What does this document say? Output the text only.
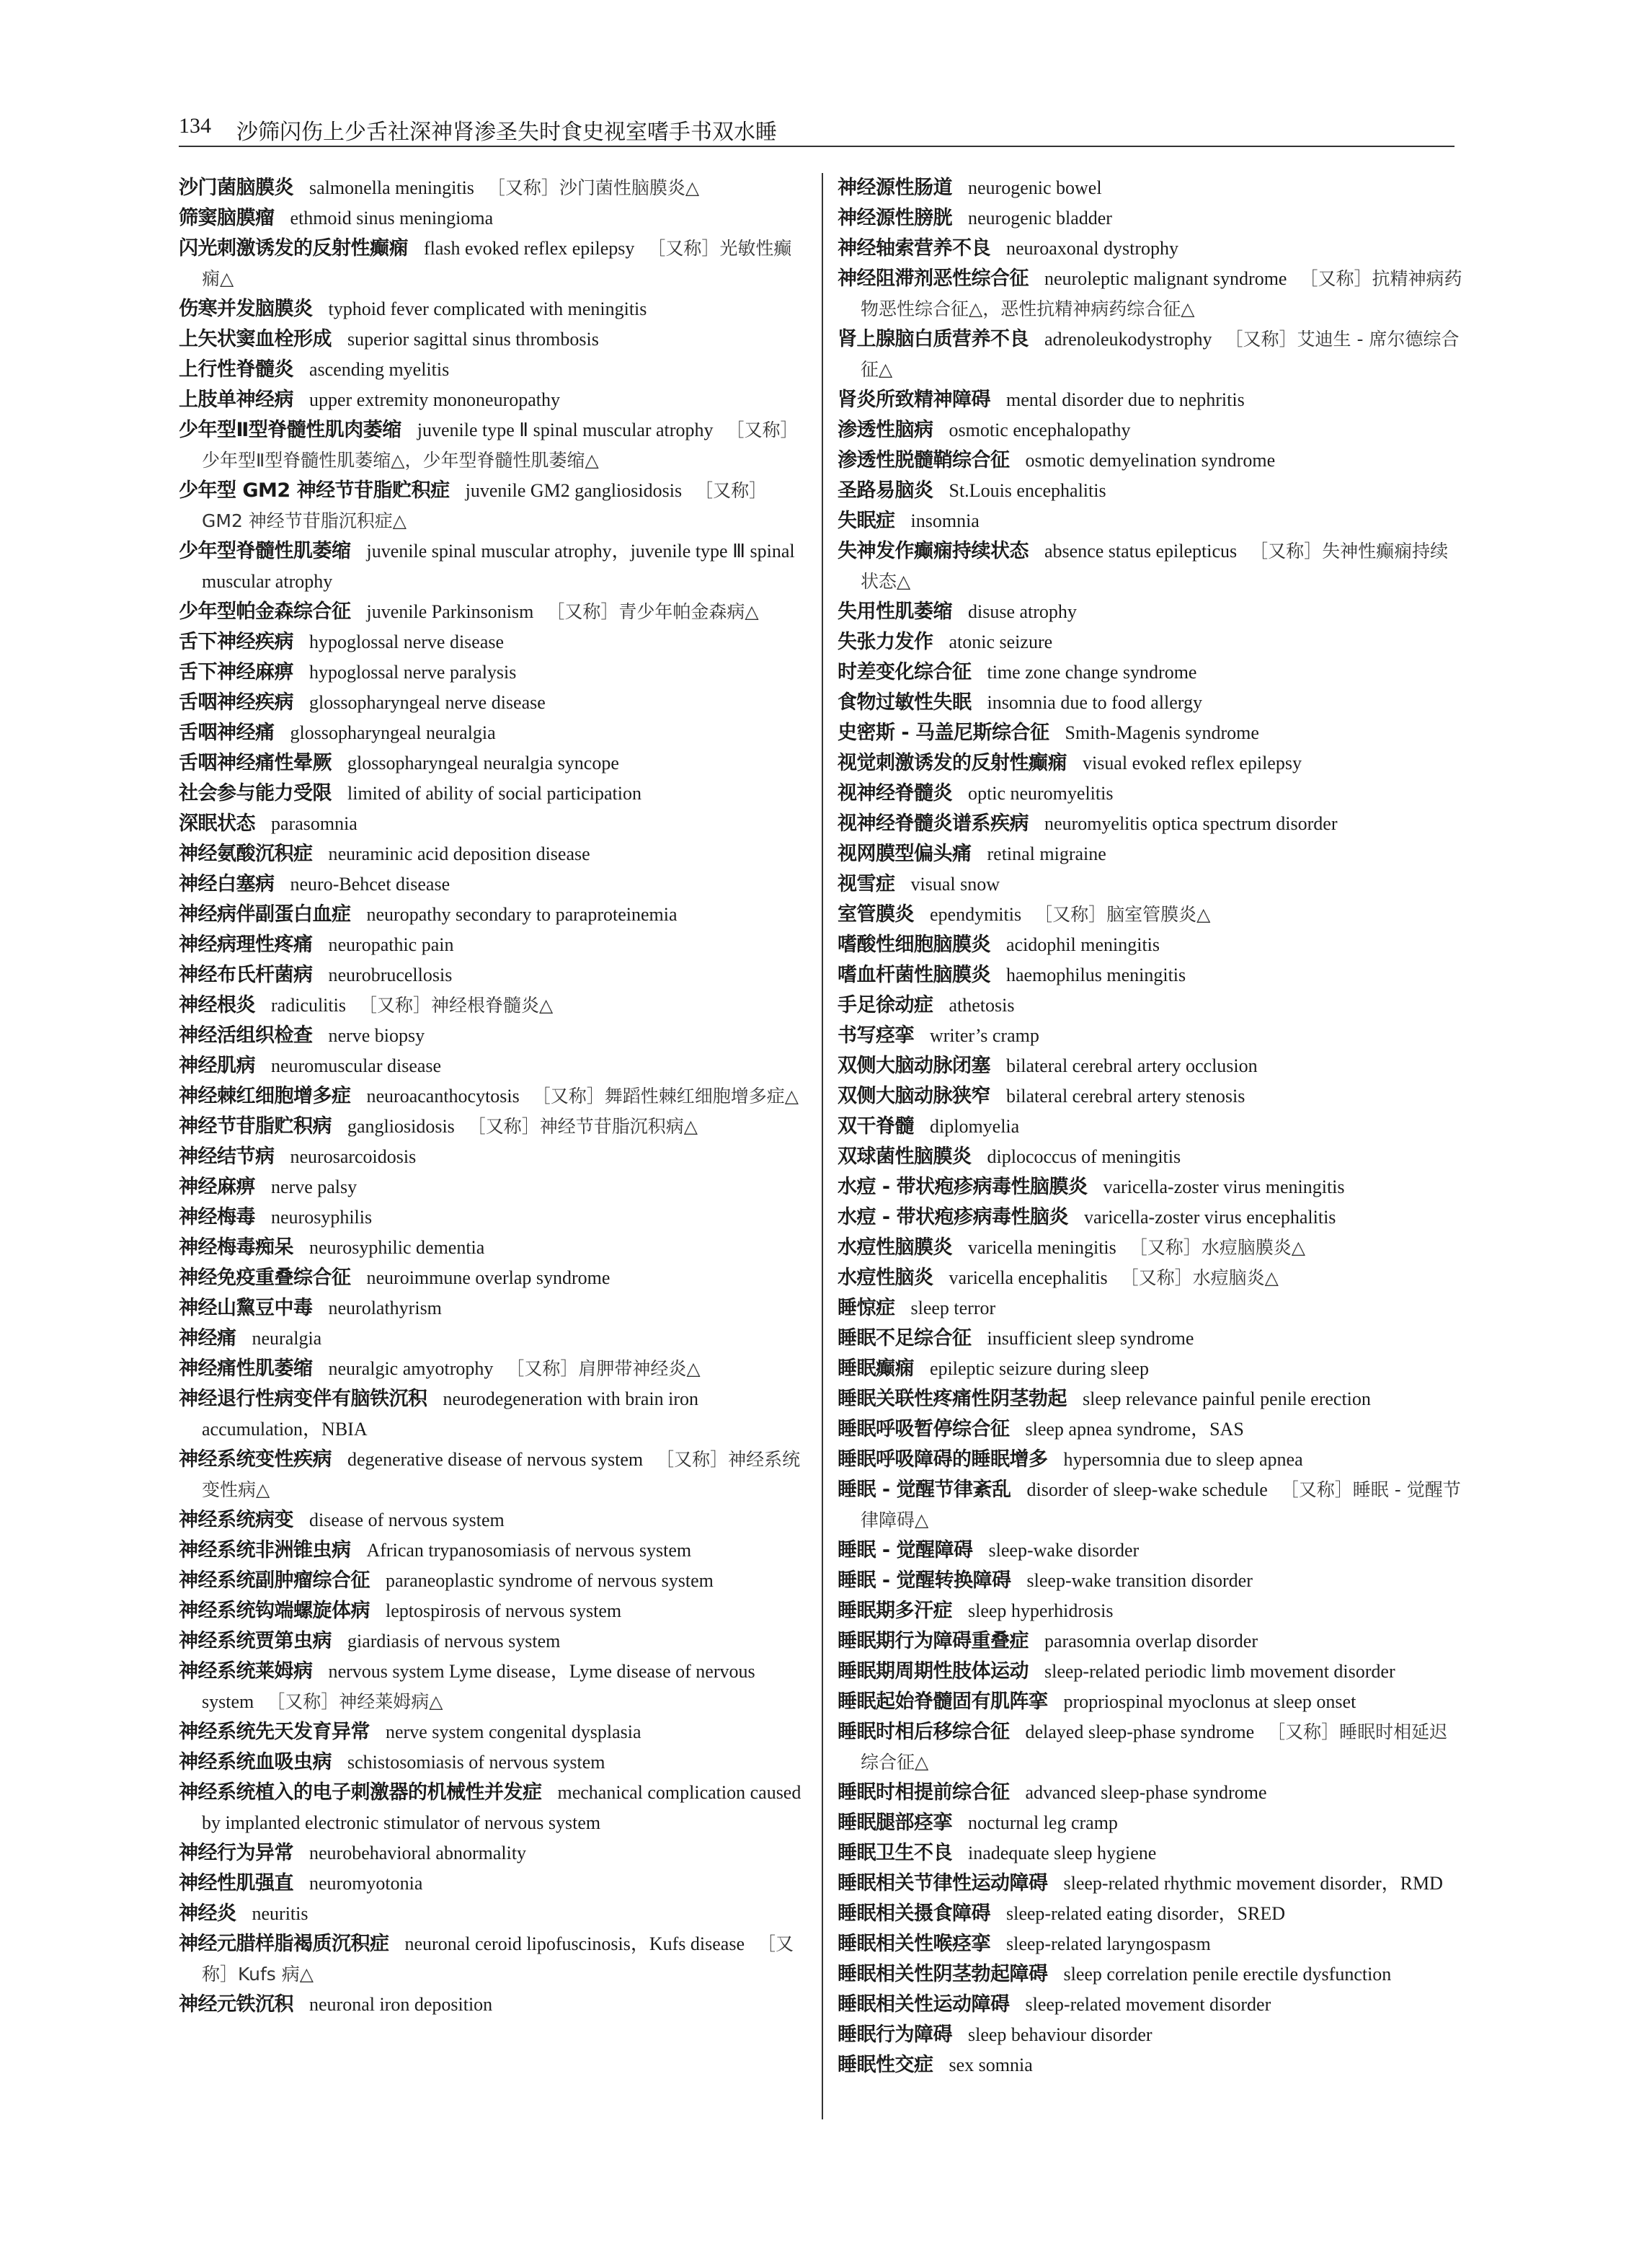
134 沙筛闪伤上少舌社深神肾渗圣失时食史视室嗜手书双水睡

沙门菌脑膜炎 salmonella meningitis ［又称］沙门菌性脑膜炎△

筛窦脑膜瘤 ethmoid sinus meningioma

闪光刺激诱发的反射性癫痫 flash evoked reflex epilepsy ［又称］光敏性癫痫△

伤寒并发脑膜炎 typhoid fever complicated with meningitis

上矢状窦血栓形成 superior sagittal sinus thrombosis

上行性脊髓炎 ascending myelitis

上肢单神经病 upper extremity mononeuropathy

少年型Ⅱ型脊髓性肌肉萎缩 juvenile type Ⅱ spinal muscular atrophy ［又称］少年型Ⅱ型脊髓性肌萎缩△，少年型脊髓性肌萎缩△

少年型 GM2 神经节苷脂贮积症 juvenile GM2 gangliosidosis ［又称］GM2 神经节苷脂沉积症△

少年型脊髓性肌萎缩 juvenile spinal muscular atrophy，juvenile type Ⅲ spinal muscular atrophy

少年型帕金森综合征 juvenile Parkinsonism ［又称］青少年帕金森病△

舌下神经疾病 hypoglossal nerve disease

舌下神经麻痹 hypoglossal nerve paralysis

舌咽神经疾病 glossopharyngeal nerve disease

舌咽神经痛 glossopharyngeal neuralgia

舌咽神经痛性晕厥 glossopharyngeal neuralgia syncope

社会参与能力受限 limited of ability of social participation

深眠状态 parasomnia

神经氨酸沉积症 neuraminic acid deposition disease

神经白塞病 neuro-Behcet disease

神经病伴副蛋白血症 neuropathy secondary to paraproteinemia

神经病理性疼痛 neuropathic pain

神经布氏杆菌病 neurobrucellosis

神经根炎 radiculitis ［又称］神经根脊髓炎△

神经活组织检查 nerve biopsy

神经肌病 neuromuscular disease

神经棘红细胞增多症 neuroacanthocytosis ［又称］舞蹈性棘红细胞增多症△

神经节苷脂贮积病 gangliosidosis ［又称］神经节苷脂沉积病△

神经结节病 neurosarcoidosis

神经麻痹 nerve palsy

神经梅毒 neurosyphilis

神经梅毒痴呆 neurosyphilic dementia

神经免疫重叠综合征 neuroimmune overlap syndrome

神经山黧豆中毒 neurolathyrism

神经痛 neuralgia

神经痛性肌萎缩 neuralgic amyotrophy ［又称］肩胛带神经炎△

神经退行性病变伴有脑铁沉积 neurodegeneration with brain iron accumulation，NBIA

神经系统变性疾病 degenerative disease of nervous system ［又称］神经系统变性病△

神经系统病变 disease of nervous system

神经系统非洲锥虫病 African trypanosomiasis of nervous system

神经系统副肿瘤综合征 paraneoplastic syndrome of nervous system

神经系统钩端螺旋体病 leptospirosis of nervous system

神经系统贾第虫病 giardiasis of nervous system

神经系统莱姆病 nervous system Lyme disease，Lyme disease of nervous system ［又称］神经莱姆病△

神经系统先天发育异常 nerve system congenital dysplasia

神经系统血吸虫病 schistosomiasis of nervous system

神经系统植入的电子刺激器的机械性并发症 mechanical complication caused by implanted electronic stimulator of nervous system

神经行为异常 neurobehavioral abnormality

神经性肌强直 neuromyotonia

神经炎 neuritis

神经元腊样脂褐质沉积症 neuronal ceroid lipofuscinosis，Kufs disease ［又称］Kufs 病△

神经元铁沉积 neuronal iron deposition

神经源性肠道 neurogenic bowel

神经源性膀胱 neurogenic bladder

神经轴索营养不良 neuroaxonal dystrophy

神经阻滞剂恶性综合征 neuroleptic malignant syndrome ［又称］抗精神病药物恶性综合征△，恶性抗精神病药综合征△

肾上腺脑白质营养不良 adrenoleukodystrophy ［又称］艾迪生 - 席尔德综合征△

肾炎所致精神障碍 mental disorder due to nephritis

渗透性脑病 osmotic encephalopathy

渗透性脱髓鞘综合征 osmotic demyelination syndrome

圣路易脑炎 St.Louis encephalitis

失眠症 insomnia

失神发作癫痫持续状态 absence status epilepticus ［又称］失神性癫痫持续状态△

失用性肌萎缩 disuse atrophy

失张力发作 atonic seizure

时差变化综合征 time zone change syndrome

食物过敏性失眠 insomnia due to food allergy

史密斯 - 马盖尼斯综合征 Smith-Magenis syndrome

视觉刺激诱发的反射性癫痫 visual evoked reflex epilepsy

视神经脊髓炎 optic neuromyelitis

视神经脊髓炎谱系疾病 neuromyelitis optica spectrum disorder

视网膜型偏头痛 retinal migraine

视雪症 visual snow

室管膜炎 ependymitis ［又称］脑室管膜炎△

嗜酸性细胞脑膜炎 acidophil meningitis

嗜血杆菌性脑膜炎 haemophilus meningitis

手足徐动症 athetosis

书写痉挛 writer’s cramp

双侧大脑动脉闭塞 bilateral cerebral artery occlusion

双侧大脑动脉狭窄 bilateral cerebral artery stenosis

双干脊髓 diplomyelia

双球菌性脑膜炎 diplococcus of meningitis

水痘 - 带状疱疹病毒性脑膜炎 varicella-zoster virus meningitis

水痘 - 带状疱疹病毒性脑炎 varicella-zoster virus encephalitis

水痘性脑膜炎 varicella meningitis ［又称］水痘脑膜炎△

水痘性脑炎 varicella encephalitis ［又称］水痘脑炎△

睡惊症 sleep terror

睡眠不足综合征 insufficient sleep syndrome

睡眠癫痫 epileptic seizure during sleep

睡眠关联性疼痛性阴茎勃起 sleep relevance painful penile erection

睡眠呼吸暂停综合征 sleep apnea syndrome，SAS

睡眠呼吸障碍的睡眠增多 hypersomnia due to sleep apnea

睡眠 - 觉醒节律紊乱 disorder of sleep-wake schedule ［又称］睡眠 - 觉醒节律障碍△

睡眠 - 觉醒障碍 sleep-wake disorder

睡眠 - 觉醒转换障碍 sleep-wake transition disorder

睡眠期多汗症 sleep hyperhidrosis

睡眠期行为障碍重叠症 parasomnia overlap disorder

睡眠期周期性肢体运动 sleep-related periodic limb movement disorder

睡眠起始脊髓固有肌阵挛 propriospinal myoclonus at sleep onset

睡眠时相后移综合征 delayed sleep-phase syndrome ［又称］睡眠时相延迟综合征△

睡眠时相提前综合征 advanced sleep-phase syndrome

睡眠腿部痉挛 nocturnal leg cramp

睡眠卫生不良 inadequate sleep hygiene

睡眠相关节律性运动障碍 sleep-related rhythmic movement disorder，RMD

睡眠相关摄食障碍 sleep-related eating disorder，SRED

睡眠相关性喉痉挛 sleep-related laryngospasm

睡眠相关性阴茎勃起障碍 sleep correlation penile erectile dysfunction

睡眠相关性运动障碍 sleep-related movement disorder

睡眠行为障碍 sleep behaviour disorder

睡眠性交症 sex somnia
